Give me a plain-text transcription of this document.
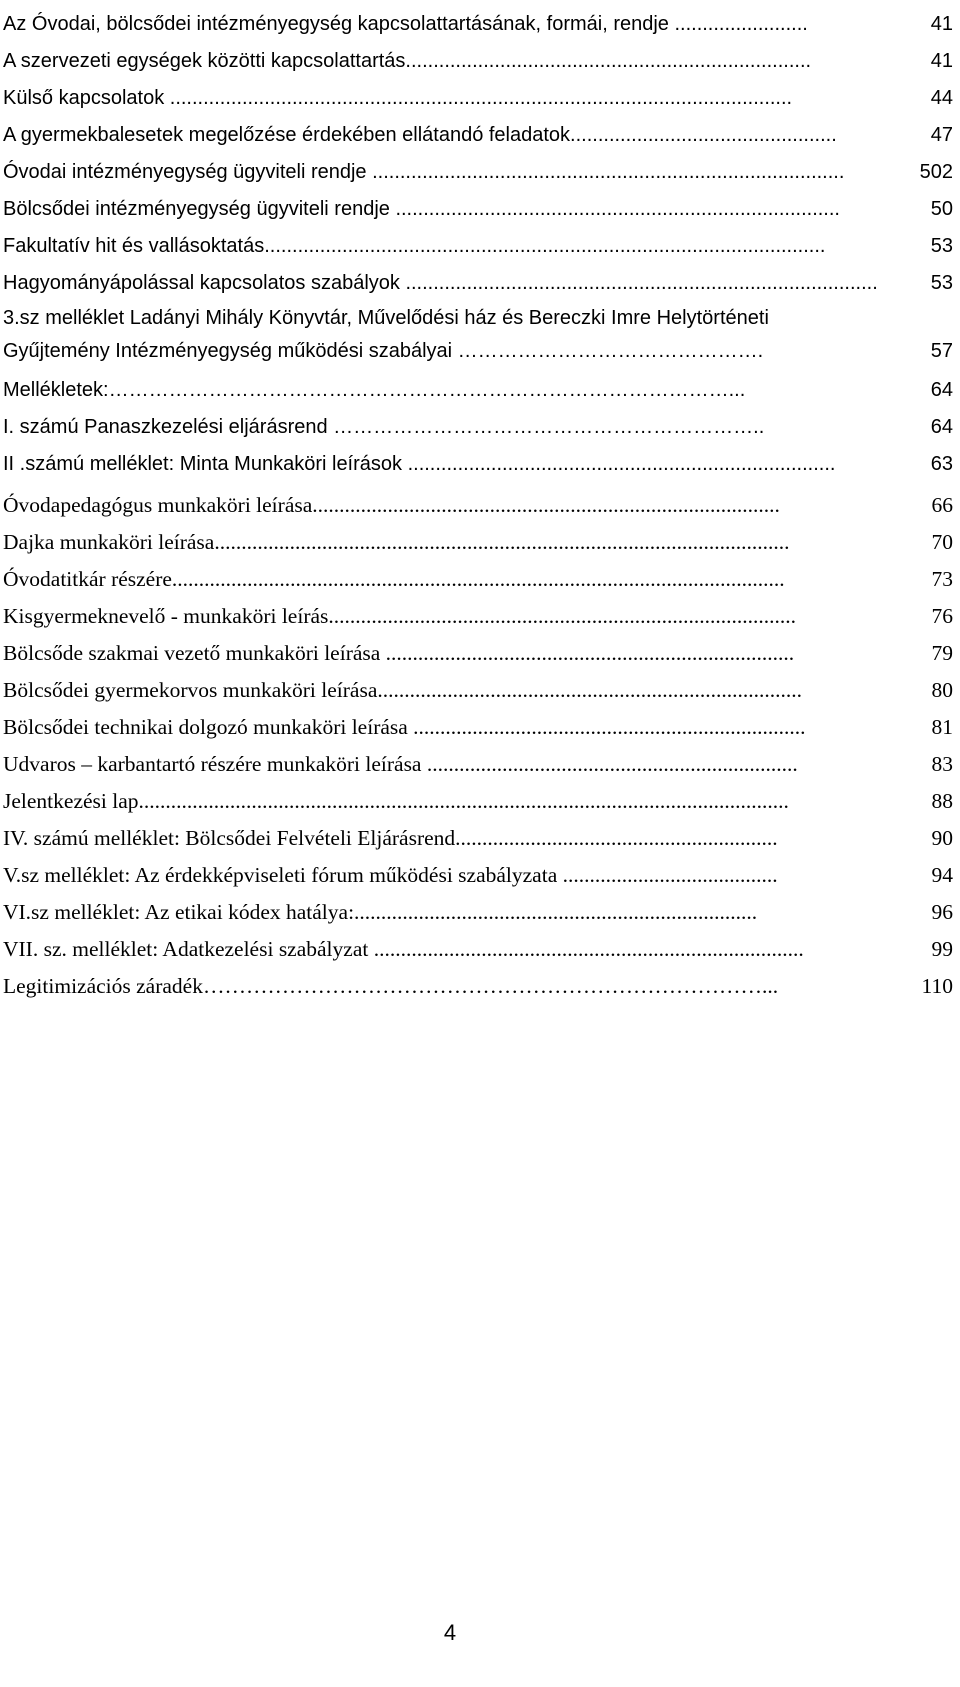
Az Óvodai, bölcsődei intézményegység kapcsolattartásának, formái, rendje ........................	41
A szervezeti egységek közötti kapcsolattartás.........................................................................	41
Külső kapcsolatok ................................................................................................................	44
A gyermekbalesetek megelőzése érdekében ellátandó feladatok................................................	47
Óvodai intézményegység ügyviteli rendje .....................................................................................	502
Bölcsődei intézményegység ügyviteli rendje ................................................................................	50
Fakultatív hit és vallásoktatás.....................................................................................................	53
Hagyományápolással kapcsolatos szabályok .....................................................................................	53
3.sz melléklet Ladányi Mihály Könyvtár, Művelődési ház és Bereczki Imre Helytörténeti
Gyűjtemény Intézményegység működési szabályai ……………………………………….	57
Mellékletek:…………………………………………………………………………………...	64
I. számú Panaszkezelési eljárásrend ………………………………………………………..	64
II .számú melléklet: Minta Munkaköri leírások .............................................................................	63
Óvodapedagógus munkaköri leírása.......................................................................................	66
Dajka munkaköri leírása...........................................................................................................	70
Óvodatitkár részére..................................................................................................................	73
Kisgyermeknevelő - munkaköri leírás.......................................................................................	76
Bölcsőde szakmai vezető munkaköri leírása ............................................................................	79
Bölcsődei gyermekorvos munkaköri leírása...............................................................................	80
Bölcsődei technikai dolgozó munkaköri leírása .........................................................................	81
Udvaros – karbantartó részére munkaköri leírása .....................................................................	83
Jelentkezési lap.........................................................................................................................	88
IV. számú melléklet: Bölcsődei Felvételi Eljárásrend............................................................	90
V.sz melléklet: Az érdekképviseleti fórum működési szabályzata ........................................	94
VI.sz melléklet: Az etikai kódex hatálya:...........................................................................	96
VII. sz. melléklet: Adatkezelési szabályzat ................................................................................	99
Legitimizációs záradék……………………………………………………………………...	110
4
